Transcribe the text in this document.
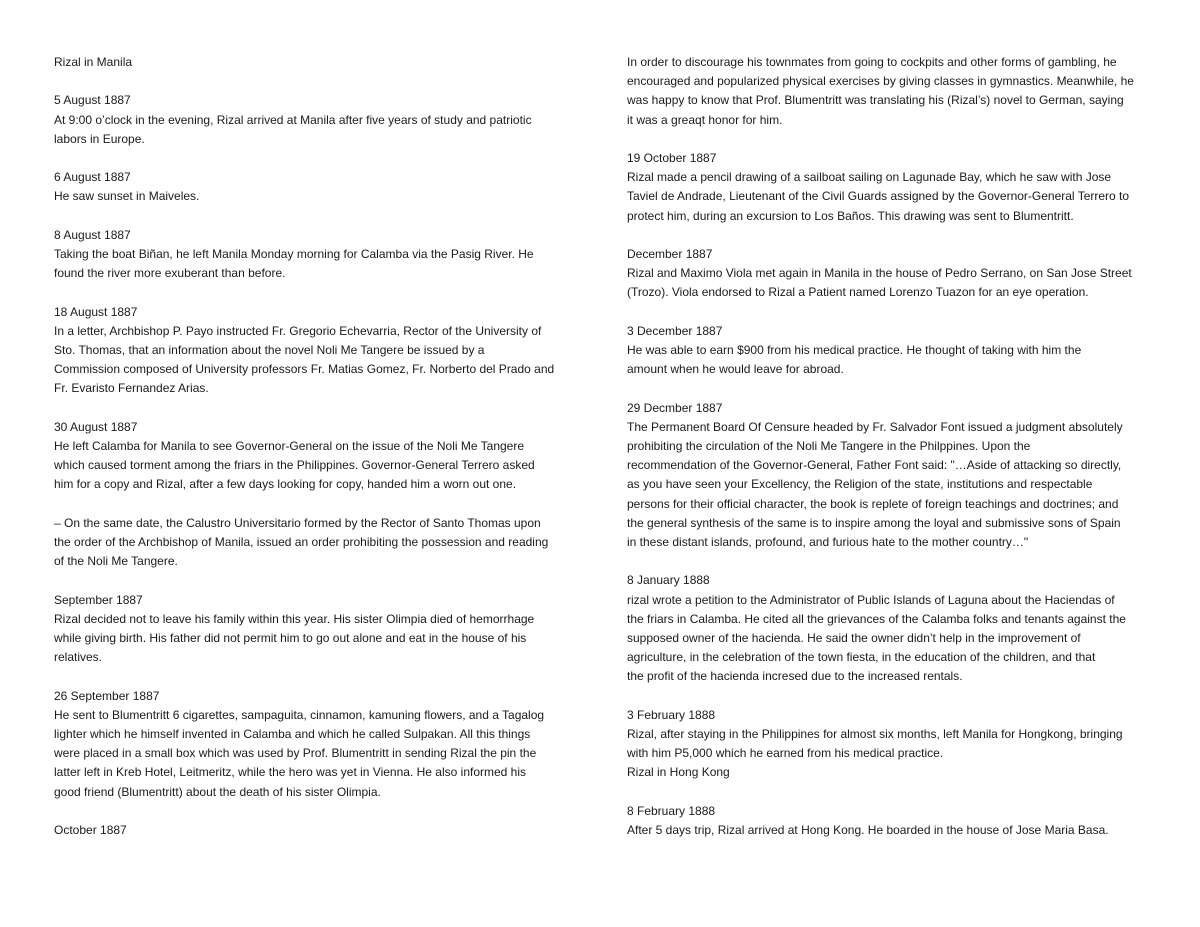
Rizal in Manila
5 August 1887
At 9:00 o’clock in the evening, Rizal arrived at Manila after five years of study and patriotic
labors in Europe.
6 August 1887
He saw sunset in Maiveles.
8 August 1887
Taking the boat Biñan, he left Manila Monday morning for Calamba via the Pasig River. He
found the river more exuberant than before.
18 August 1887
In a letter, Archbishop P. Payo instructed Fr. Gregorio Echevarria, Rector of the University of
Sto. Thomas, that an information about the novel Noli Me Tangere be issued by a
Commission composed of University professors Fr. Matias Gomez, Fr. Norberto del Prado and
Fr. Evaristo Fernandez Arias.
30 August 1887
He left Calamba for Manila to see Governor-General on the issue of the Noli Me Tangere
which caused torment among the friars in the Philippines. Governor-General Terrero asked
him for a copy and Rizal, after a few days looking for copy, handed him a worn out one.
– On the same date, the Calustro Universitario formed by the Rector of Santo Thomas upon
the order of the Archbishop of Manila, issued an order prohibiting the possession and reading
of the Noli Me Tangere.
September 1887
Rizal decided not to leave his family within this year. His sister Olimpia died of hemorrhage
while giving birth. His father did not permit him to go out alone and eat in the house of his
relatives.
26 September 1887
He sent to Blumentritt 6 cigarettes, sampaguita, cinnamon, kamuning flowers, and a Tagalog
lighter which he himself invented in Calamba and which he called Sulpakan. All this things
were placed in a small box which was used by Prof. Blumentritt in sending Rizal the pin the
latter left in Kreb Hotel, Leitmeritz, while the hero was yet in Vienna. He also informed his
good friend (Blumentritt) about the death of his sister Olimpia.
October 1887
In order to discourage his townmates from going to cockpits and other forms of gambling, he
encouraged and popularized physical exercises by giving classes in gymnastics. Meanwhile, he
was happy to know that Prof. Blumentritt was translating his (Rizal’s) novel to German, saying
it was a greaqt honor for him.
19 October 1887
Rizal made a pencil drawing of a sailboat sailing on Lagunade Bay, which he saw with Jose
Taviel de Andrade, Lieutenant of the Civil Guards assigned by the Governor-General Terrero to
protect him, during an excursion to Los Baños. This drawing was sent to Blumentritt.
December 1887
Rizal and Maximo Viola met again in Manila in the house of Pedro Serrano, on San Jose Street
(Trozo). Viola endorsed to Rizal a Patient named Lorenzo Tuazon for an eye operation.
3 December 1887
He was able to earn $900 from his medical practice. He thought of taking with him the
amount when he would leave for abroad.
29 Decmber 1887
The Permanent Board Of Censure headed by Fr. Salvador Font issued a judgment absolutely
prohibiting the circulation of the Noli Me Tangere in the Philppines. Upon the
recommendation of the Governor-General, Father Font said: "…Aside of attacking so directly,
as you have seen your Excellency, the Religion of the state, institutions and respectable
persons for their official character, the book is replete of foreign teachings and doctrines; and
the general synthesis of the same is to inspire among the loyal and submissive sons of Spain
in these distant islands, profound, and furious hate to the mother country…"
8 January 1888
rizal wrote a petition to the Administrator of Public Islands of Laguna about the Haciendas of
the friars in Calamba. He cited all the grievances of the Calamba folks and tenants against the
supposed owner of the hacienda. He said the owner didn’t help in the improvement of
agriculture, in the celebration of the town fiesta, in the education of the children, and that
the profit of the hacienda incresed due to the increased rentals.
3 February 1888
Rizal, after staying in the Philippines for almost six months, left Manila for Hongkong, bringing
with him P5,000 which he earned from his medical practice.
Rizal in Hong Kong
8 February 1888
After 5 days trip, Rizal arrived at Hong Kong. He boarded in the house of Jose Maria Basa.
